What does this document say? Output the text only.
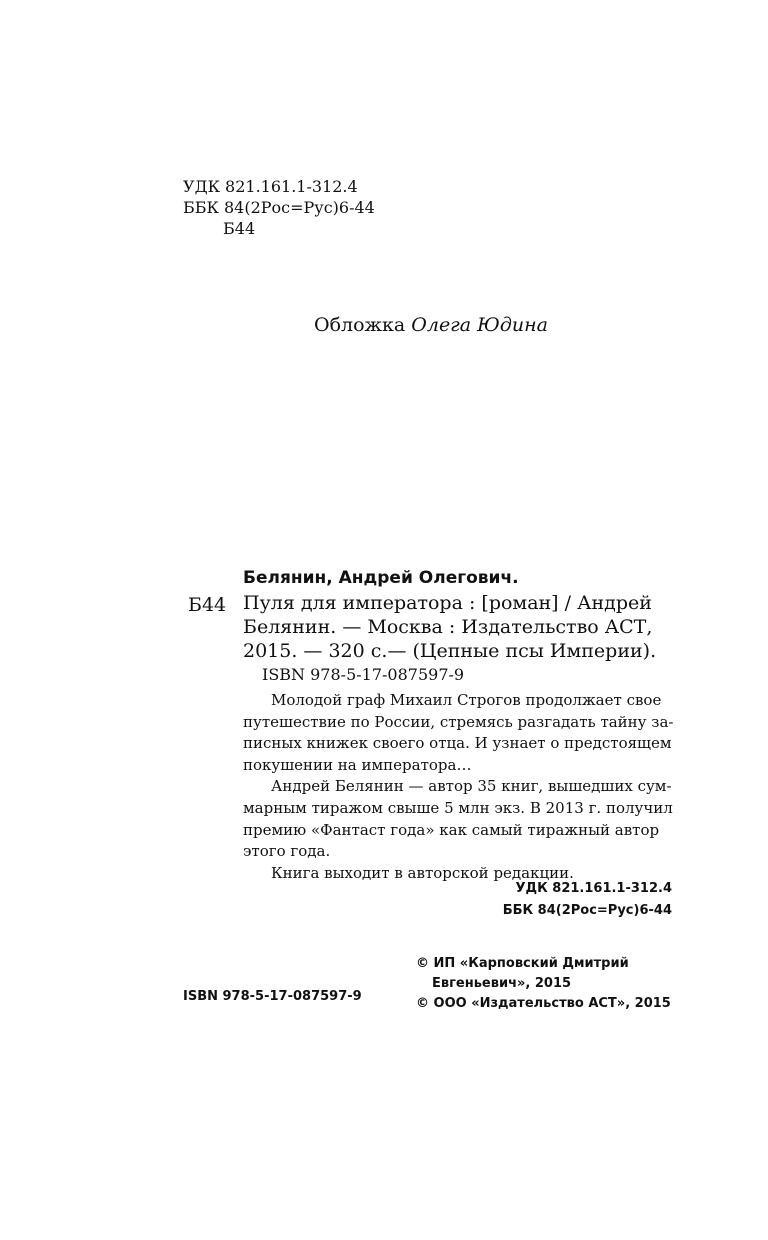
УДК 821.161.1-312.4
ББК 84(2Рос=Рус)6-44
Б44
Обложка Олега Юдина
Белянин, Андрей Олегович.
Б44 Пуля для императора : [роман] / Андрей
Белянин. — Москва : Издательство АСТ,
2015. — 320 с.— (Цепные псы Империи).
ISBN 978-5-17-087597-9
Молодой граф Михаил Строгов продолжает свое
путешествие по России, стремясь разгадать тайну за-
писных книжек своего отца. И узнает о предстоящем
покушении на императора…
Андрей Белянин — автор 35 книг, вышедших сум-
марным тиражом свыше 5 млн экз. В 2013 г. получил
премию «Фантаст года» как самый тиражный автор
этого года.
Книга выходит в авторской редакции.
УДК 821.161.1-312.4
ББК 84(2Рос=Рус)6-44
© ИП «Карповский Дмитрий
Евгеньевич», 2015
© ООО «Издательство АСТ», 2015
ISBN 978-5-17-087597-9
